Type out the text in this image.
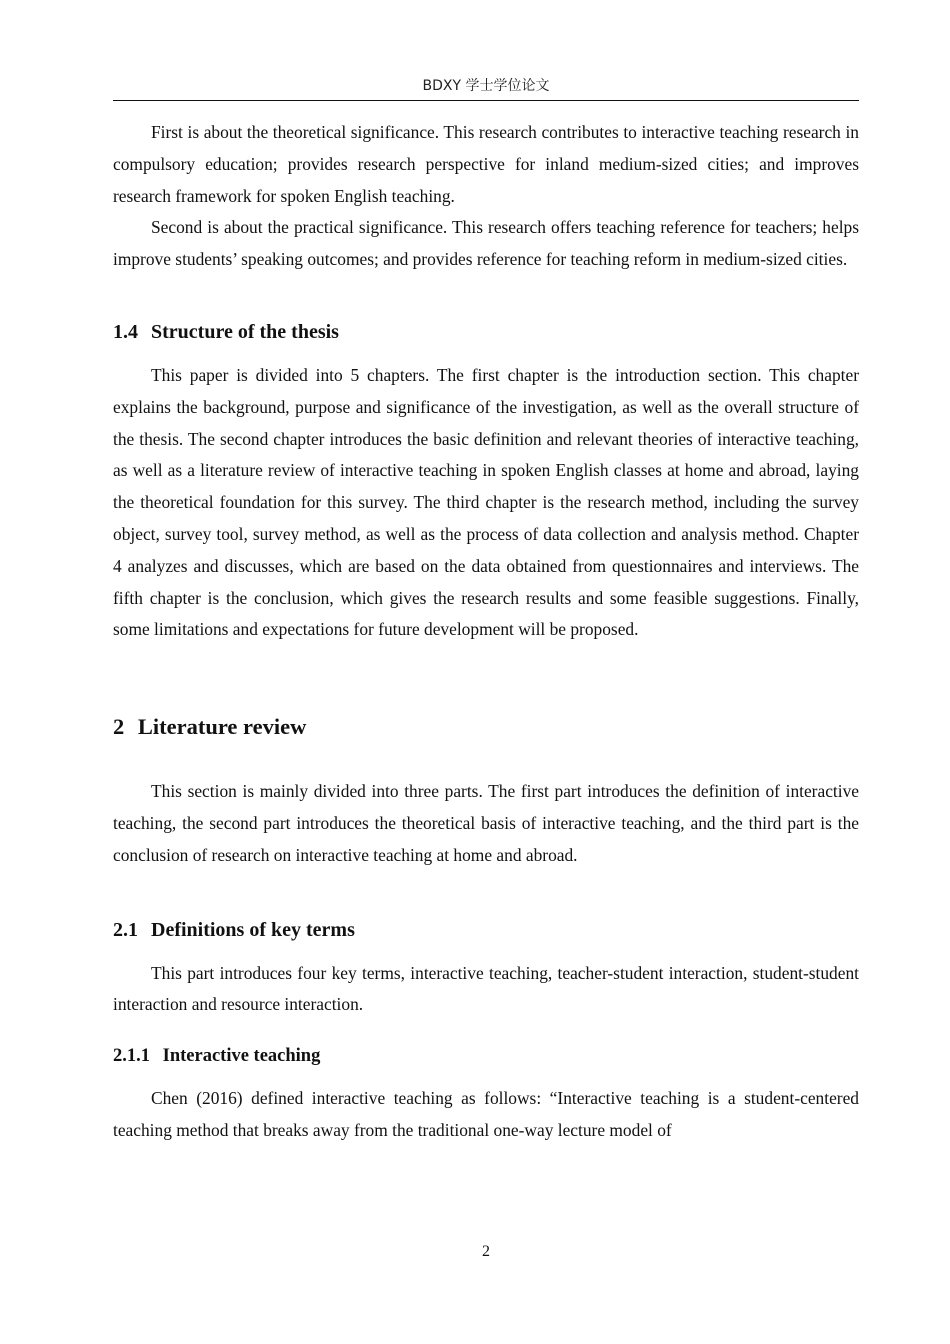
BDXY 学士学位论文

First is about the theoretical significance. This research contributes to interactive teaching research in compulsory education; provides research perspective for inland medium-sized cities; and improves research framework for spoken English teaching.

Second is about the practical significance. This research offers teaching reference for teachers; helps improve students’ speaking outcomes; and provides reference for teaching reform in medium-sized cities.

1.4 Structure of the thesis

This paper is divided into 5 chapters. The first chapter is the introduction section. This chapter explains the background, purpose and significance of the investigation, as well as the overall structure of the thesis. The second chapter introduces the basic definition and relevant theories of interactive teaching, as well as a literature review of interactive teaching in spoken English classes at home and abroad, laying the theoretical foundation for this survey. The third chapter is the research method, including the survey object, survey tool, survey method, as well as the process of data collection and analysis method. Chapter 4 analyzes and discusses, which are based on the data obtained from questionnaires and interviews. The fifth chapter is the conclusion, which gives the research results and some feasible suggestions. Finally, some limitations and expectations for future development will be proposed.

2 Literature review

This section is mainly divided into three parts. The first part introduces the definition of interactive teaching, the second part introduces the theoretical basis of interactive teaching, and the third part is the conclusion of research on interactive teaching at home and abroad.

2.1 Definitions of key terms

This part introduces four key terms, interactive teaching, teacher-student interaction, student-student interaction and resource interaction.

2.1.1 Interactive teaching

Chen (2016) defined interactive teaching as follows: “Interactive teaching is a student-centered teaching method that breaks away from the traditional one-way lecture model of

2
